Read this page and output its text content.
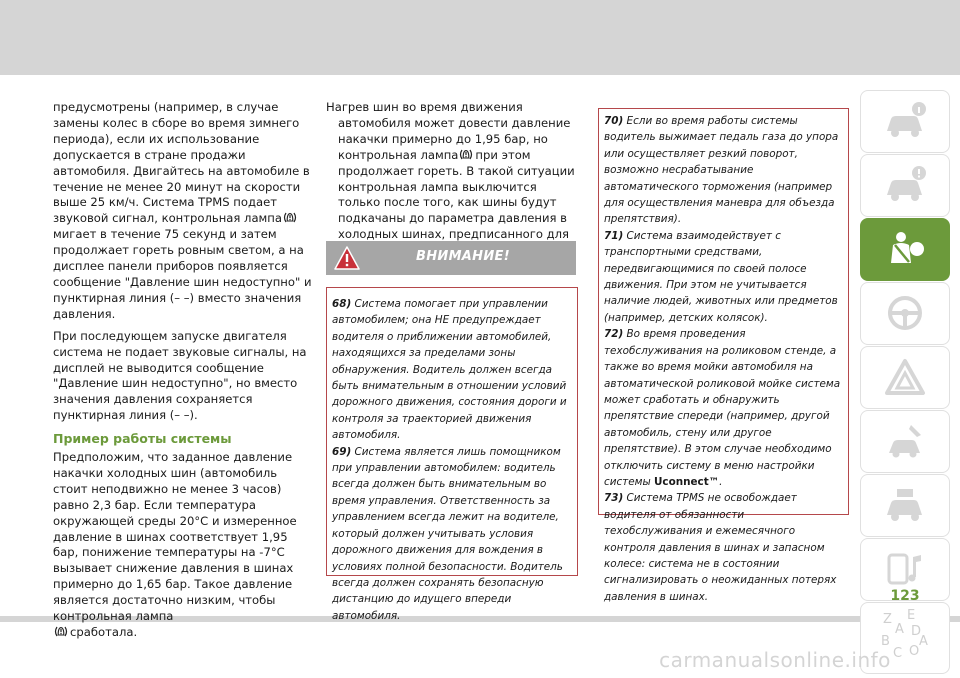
предусмотрены (например, в случае замены колес в сборе во время зимнего периода), если их использование допускается в стране продажи автомобиля. Двигайтесь на автомобиле в течение не менее 20 минут на скорости выше 25 км/ч. Система TPMS подает звуковой сигнал, контрольная лампамигает в течение 75 секунд и затем продолжает гореть ровным светом, а на дисплее панели приборов появляется сообщение "Давление шин недоступно" и пунктирная линия (– –) вместо значения давления.

При последующем запуске двигателя система не подает звуковые сигналы, на дисплей не выводится сообщение "Давление шин недоступно", но вместо значения давления сохраняется пунктирная линия (– –).

Пример работы системы

Предположим, что заданное давление накачки холодных шин (автомобиль стоит неподвижно не менее 3 часов) равно 2,3 бар. Если температура окружающей среды 20°C и измеренное давление в шинах соответствует 1,95 бар, понижение температуры на -7°C вызывает снижение давления в шинах примерно до 1,65 бар. Такое давление является достаточно низким, чтобы контрольная лампа
сработала.

Нагрев шин во время движения автомобиля может довести давление накачки примерно до 1,95 бар, но контрольная лампа при этом продолжает гореть. В такой ситуации контрольная лампа выключится только после того, как шины будут подкачаны до параметра давления в холодных шинах, предписанного для

ВНИМАНИЕ!

68) Система помогает при управлении автомобилем; она НЕ предупреждает водителя о приближении автомобилей, находящихся за пределами зоны обнаружения. Водитель должен всегда быть внимательным в отношении условий дорожного движения, состояния дороги и контроля за траекторией движения автомобиля.

69) Система является лишь помощником при управлении автомобилем: водитель всегда должен быть внимательным во время управления. Ответственность за управлением всегда лежит на водителе, который должен учитывать условия дорожного движения для вождения в условиях полной безопасности. Водитель всегда должен сохранять безопасную дистанцию до идущего впереди автомобиля.

70) Если во время работы системы водитель выжимает педаль газа до упора или осуществляет резкий поворот, возможно несрабатывание автоматического торможения (например для осуществления маневра для объезда препятствия).

71) Система взаимодействует с транспортными средствами, передвигающимися по своей полосе движения. При этом не учитывается наличие людей, животных или предметов (например, детских колясок).

72) Во время проведения техобслуживания на роликовом стенде, а также во время мойки автомобиля на автоматической роликовой мойке система может сработать и обнаружить препятствие спереди (например, другой автомобиль, стену или другое препятствие). В этом случае необходимо отключить систему в меню настройки системы Uconnect™.

73) Система TPMS не освобождает водителя от обязанности техобслуживания и ежемесячного контроля давления в шинах и запасном колесе: система не в состоянии сигнализировать о неожиданных потерях давления в шинах.

Z E
A D
B
C O
A
123
carmanualsonline.info
